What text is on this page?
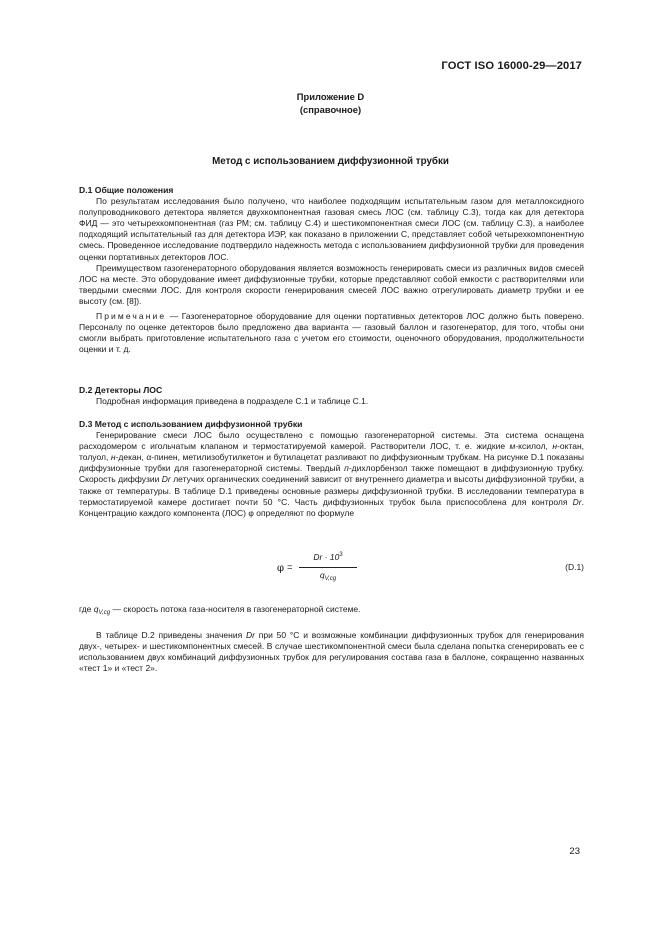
ГОСТ ISO 16000-29—2017
Приложение D
(справочное)
Метод с использованием диффузионной трубки
D.1 Общие положения

По результатам исследования было получено, что наиболее подходящим испытательным газом для металлоксидного полупроводникового детектора является двухкомпонентная газовая смесь ЛОС (см. таблицу С.3), тогда как для детектора ФИД — это четырехкомпонентная (газ РМ; см. таблицу С.4) и шестикомпонентная смеси ЛОС (см. таблицу С.3), а наиболее подходящий испытательный газ для детектора ИЭР, как показано в приложении С, представляет собой четырехкомпонентную смесь. Проведенное исследование подтвердило надежность метода с использованием диффузионной трубки для проведения оценки портативных детекторов ЛОС.

Преимуществом газогенераторного оборудования является возможность генерировать смеси из различных видов смесей ЛОС на месте. Это оборудование имеет диффузионные трубки, которые представляют собой емкости с растворителями или твердыми смесями ЛОС. Для контроля скорости генерирования смесей ЛОС важно отрегулировать диаметр трубки и ее высоту (см. [8]).

Примечание — Газогенераторное оборудование для оценки портативных детекторов ЛОС должно быть поверено. Персоналу по оценке детекторов было предложено два варианта — газовый баллон и газогенератор, для того, чтобы они смогли выбрать приготовление испытательного газа с учетом его стоимости, оценочного оборудования, продолжительности оценки и т. д.

D.2 Детекторы ЛОС

Подробная информация приведена в подразделе С.1 и таблице С.1.

D.3 Метод с использованием диффузионной трубки

Генерирование смеси ЛОС было осуществлено с помощью газогенераторной системы. Эта система оснащена расходомером с игольчатым клапаном и термостатируемой камерой. Растворители ЛОС, т. е. жидкие м-ксилол, н-октан, толуол, н-декан, α-пинен, метилизобутилкетон и бутилацетат разливают по диффузионным трубкам. На рисунке D.1 показаны диффузионные трубки для газогенераторной системы. Твердый п-дихлорбензол также помещают в диффузионную трубку. Скорость диффузии Dr летучих органических соединений зависит от внутреннего диаметра и высоты диффузионной трубки, а также от температуры. В таблице D.1 приведены основные размеры диффузионной трубки. В исследовании температура в термостатируемой камере достигает почти 50 °С. Часть диффузионных трубок была приспособлена для контроля Dr. Концентрацию каждого компонента (ЛОС) φ определяют по формуле

φ =
$Dr \cdot 10^3$
$q_{V,cg}$
(D.1)
где $q_{V,cg}$ — скорость потока газа-носителя в газогенераторной системе.

В таблице D.2 приведены значения Dr при 50 °С и возможные комбинации диффузионных трубок для генерирования двух-, четырех- и шестикомпонентных смесей. В случае шестикомпонентной смеси была сделана попытка сгенерировать ее с использованием двух комбинаций диффузионных трубок для регулирования состава газа в баллоне, сокращенно названных «тест 1» и «тест 2».

23
